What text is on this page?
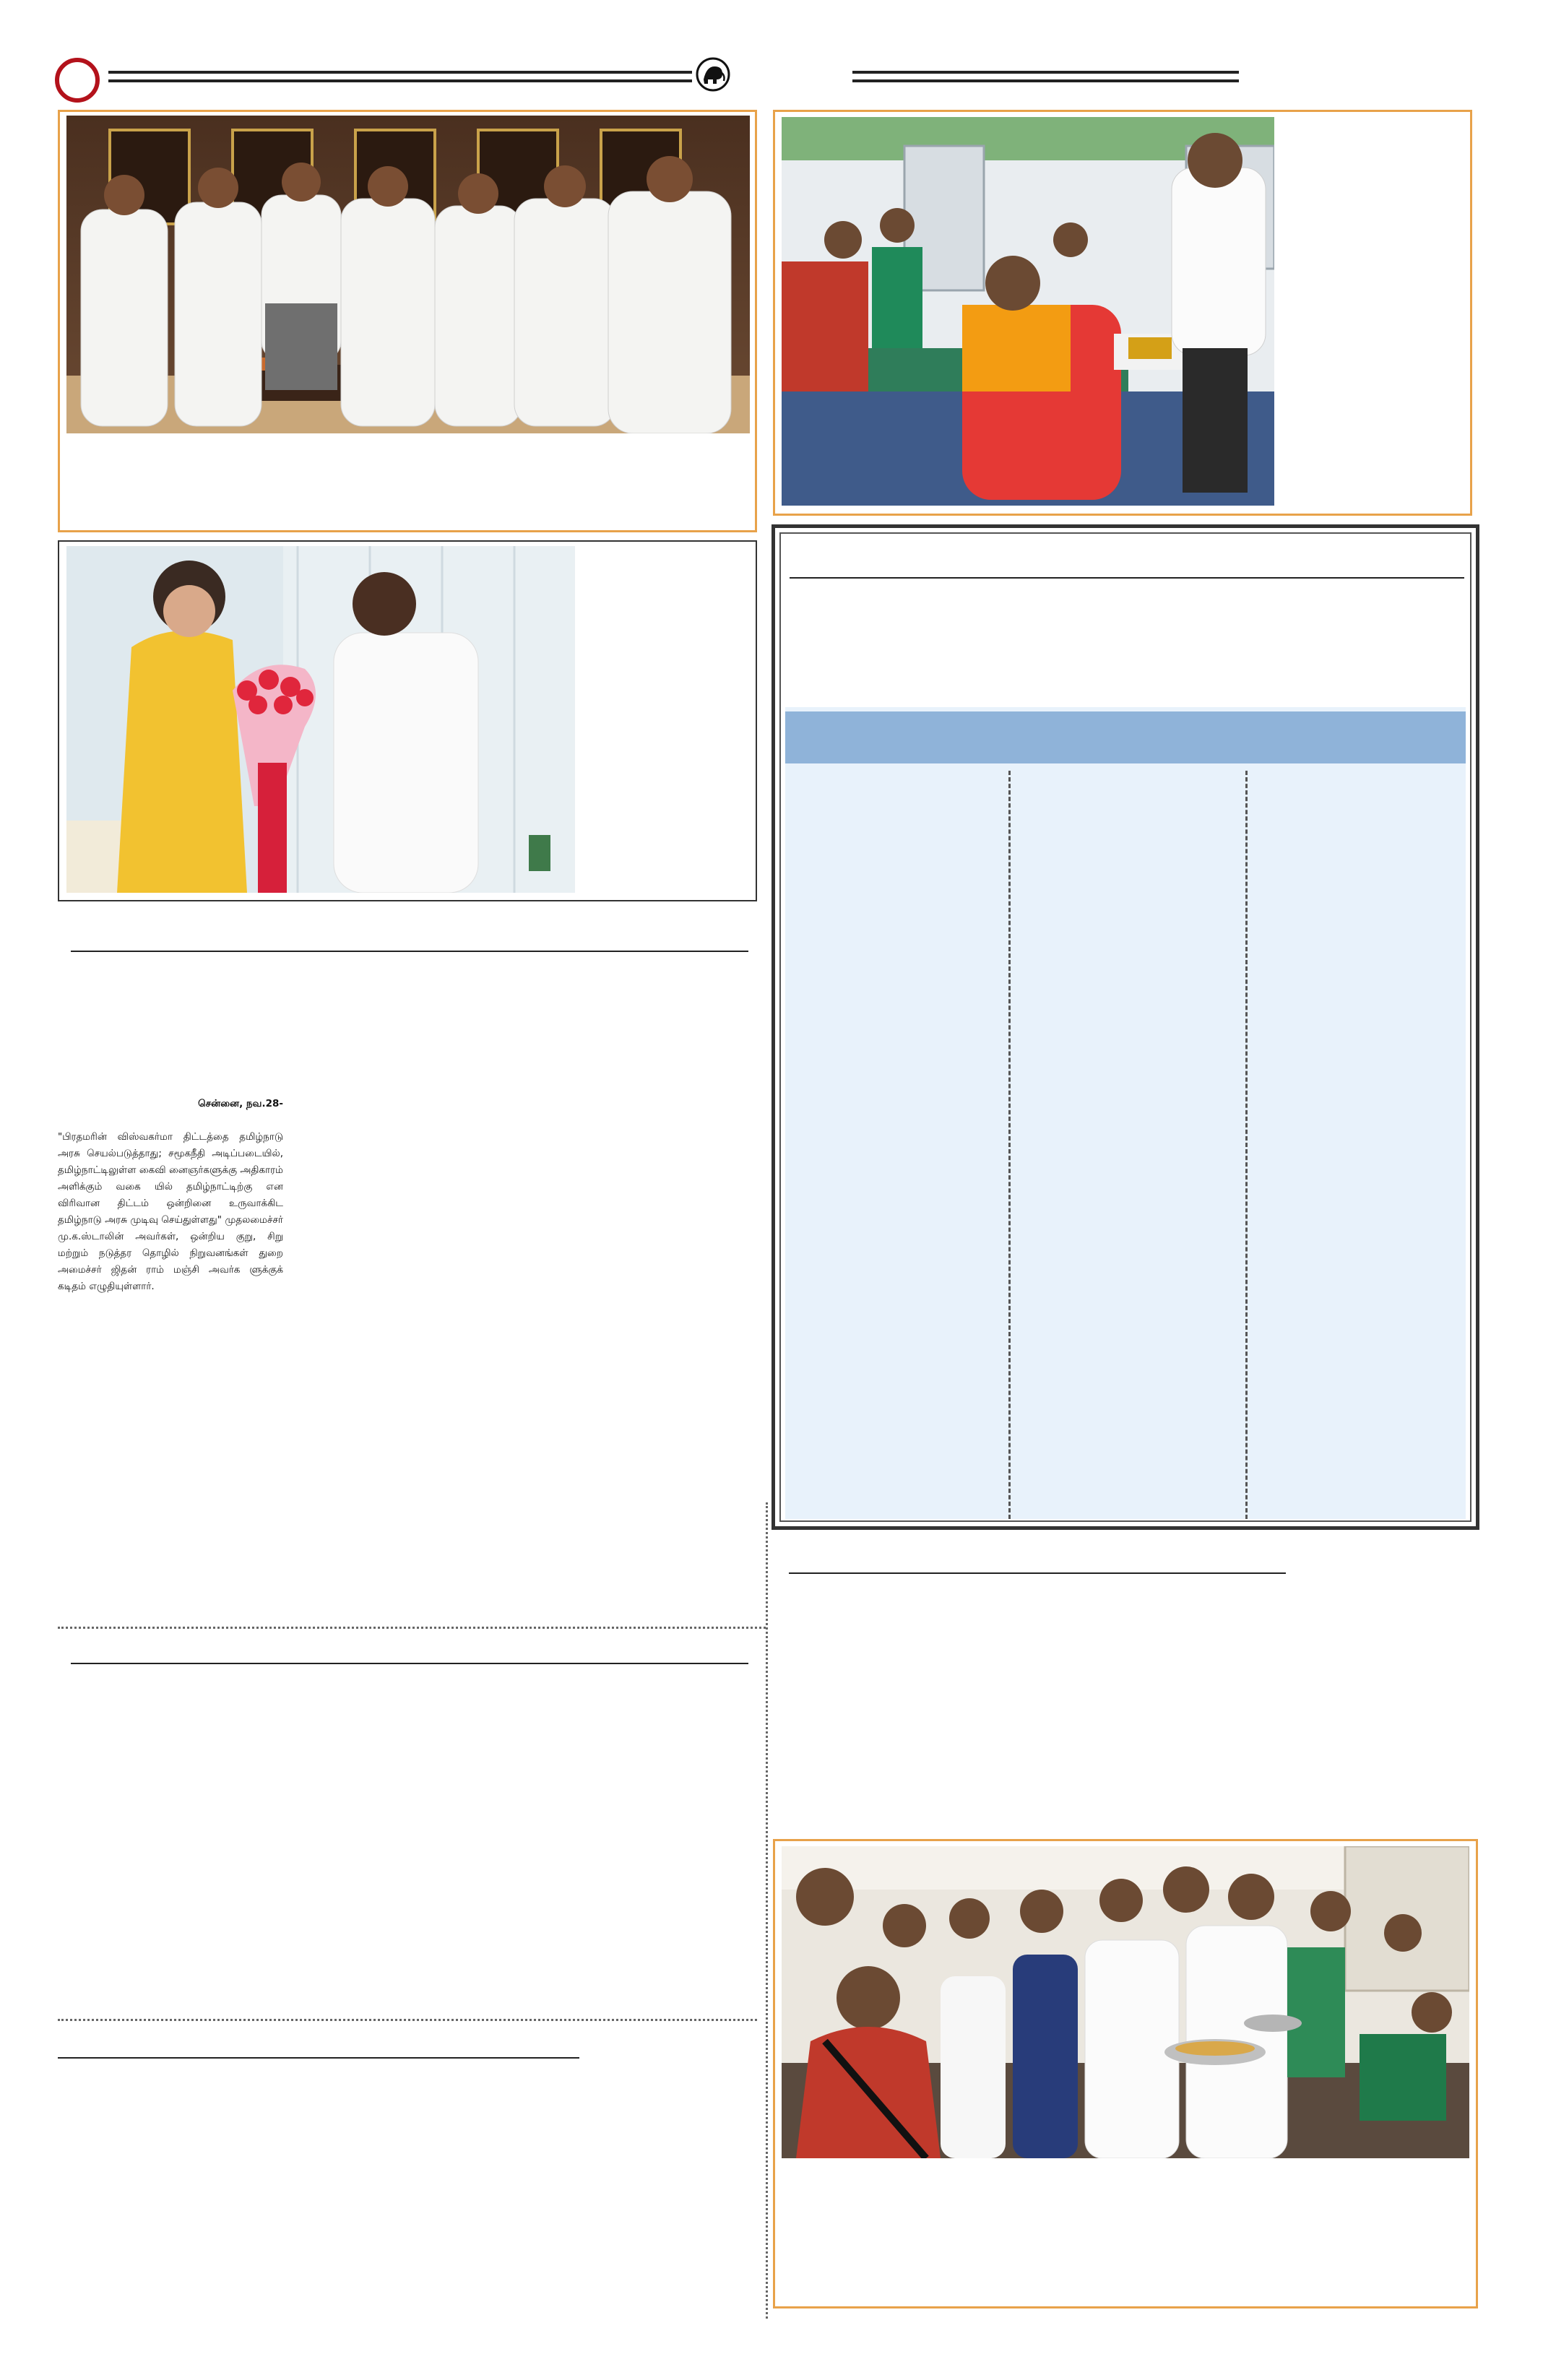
சென்னை, நவ.28-

"பிரதமரின் விஸ்வகர்மா திட்டத்தை தமிழ்நாடு அரசு செயல்படுத்தாது; சமூகநீதி அடிப்படையில், தமிழ்நாட்டிலுள்ள கைவி னைஞர்களுக்கு அதிகாரம் அளிக்கும் வகை யில் தமிழ்நாட்டிற்கு என விரிவான திட்டம் ஒன்றினை உருவாக்கிட தமிழ்நாடு அரசு முடிவு செய்துள்ளது" முதலமைச்சர் மு.க.ஸ்டாலின் அவர்கள், ஒன்றிய குறு, சிறு மற்றும் நடுத்தர தொழில் நிறுவனங்கள் துறை அமைச்சர் ஜிதன் ராம் மஞ்சி அவர்க ளுக்குக் கடிதம் எழுதியுள்ளார்.
